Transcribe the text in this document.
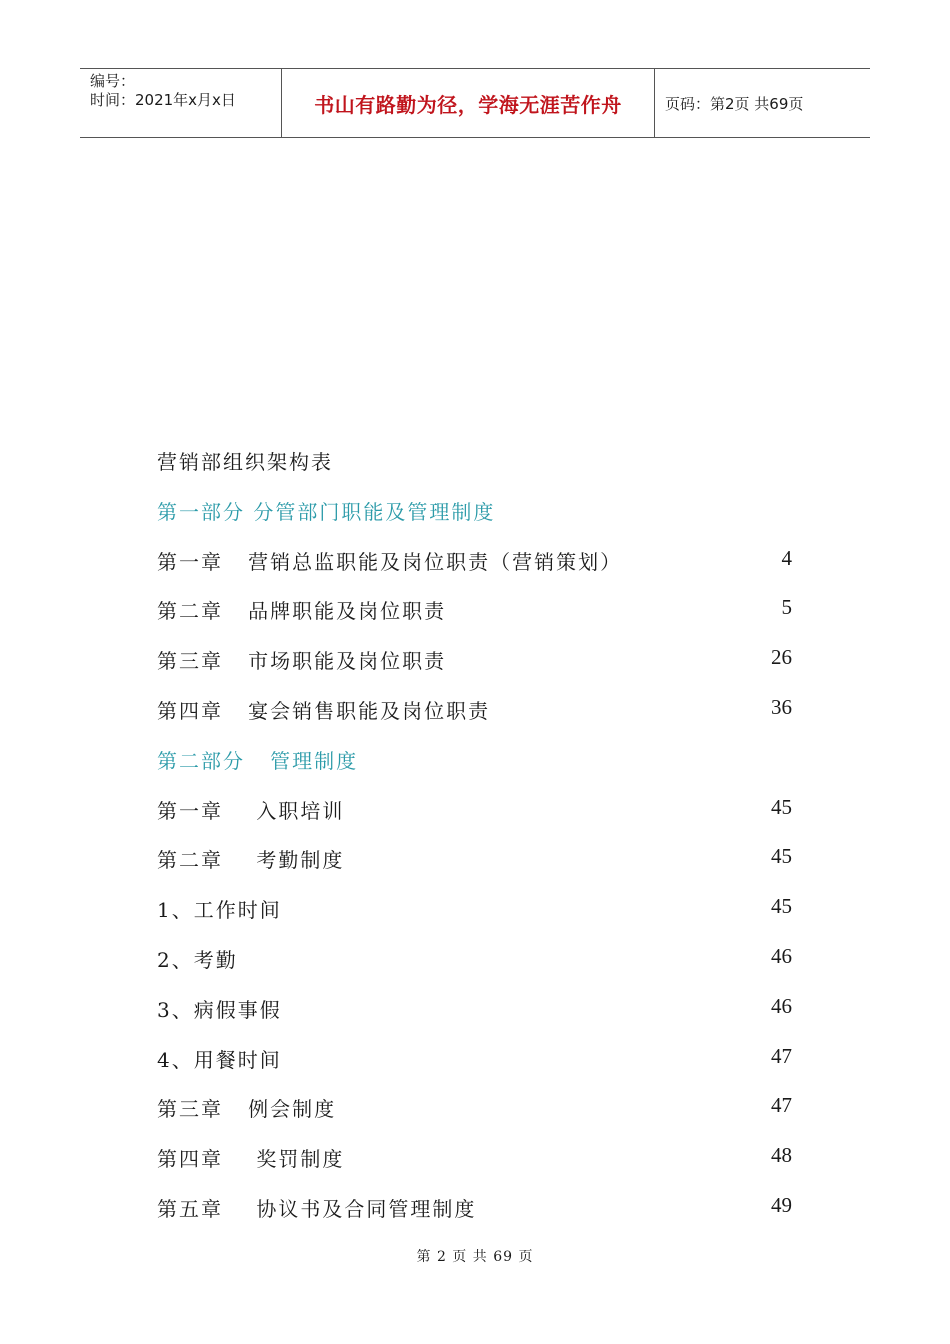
编号：
时间：2021年x月x日	书山有路勤为径，学海无涯苦作舟	页码：第2页 共69页
营销部组织架构表
第一部分 分管部门职能及管理制度
第一章   营销总监职能及岗位职责（营销策划）	4
第二章   品牌职能及岗位职责	5
第三章   市场职能及岗位职责	26
第四章   宴会销售职能及岗位职责	36
第二部分   管理制度
第一章    入职培训	45
第二章    考勤制度	45
1、工作时间	45
2、考勤	46
3、病假事假	46
4、用餐时间	47
第三章   例会制度	47
第四章    奖罚制度	48
第五章    协议书及合同管理制度	49
第 2 页 共 69 页
